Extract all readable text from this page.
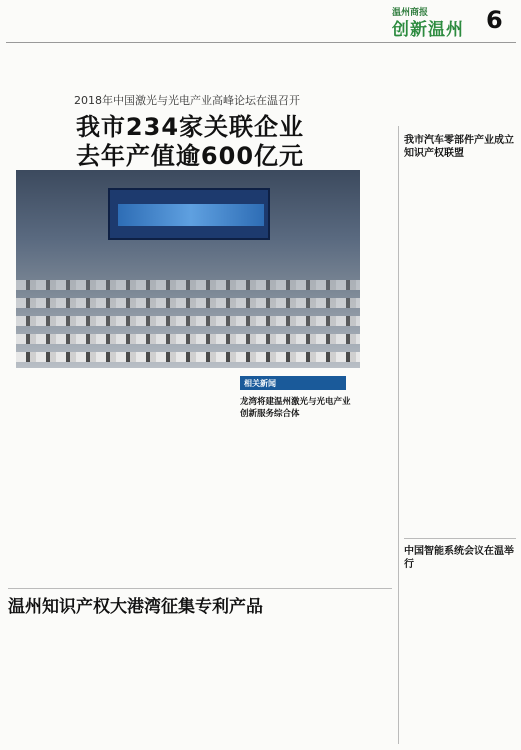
温州商报
创新温州 6
2018年中国激光与光电产业高峰论坛在温召开
我市234家关联企业
去年产值逾600亿元

相关新闻
龙湾将建温州激光与光电产业创新服务综合体

我市汽车零部件产业成立知识产权联盟

中国智能系统会议在温举行

温州知识产权大港湾征集专利产品
